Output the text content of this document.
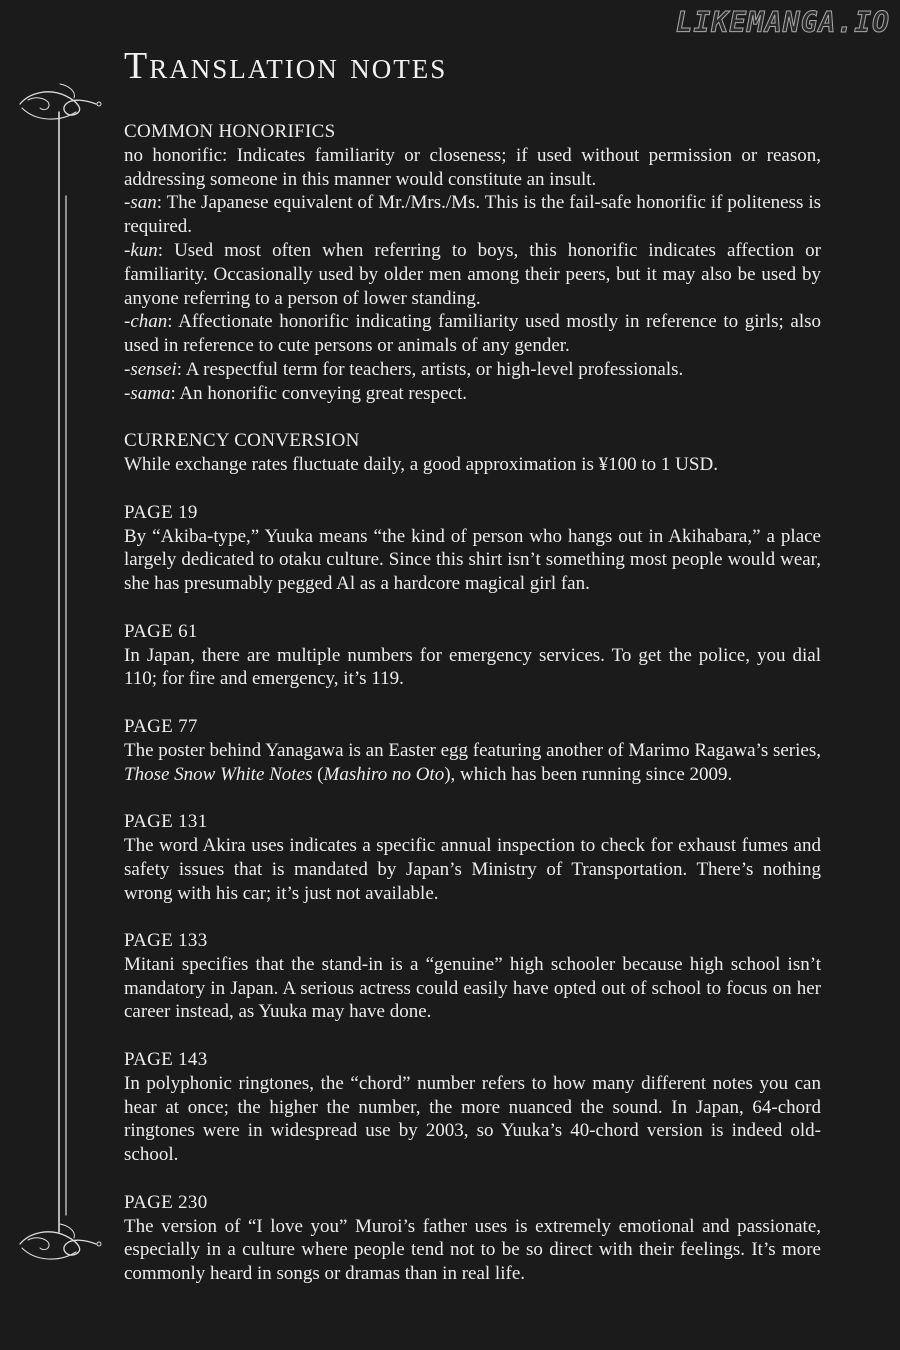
LIKEMANGA.IO
Translation notes
COMMON HONORIFICS

no honorific: Indicates familiarity or closeness; if used without permission or reason, addressing someone in this manner would constitute an insult.

-san: The Japanese equivalent of Mr./Mrs./Ms. This is the fail-safe honorific if politeness is required.

-kun: Used most often when referring to boys, this honorific indicates affection or familiarity. Occasionally used by older men among their peers, but it may also be used by anyone referring to a person of lower standing.

-chan: Affectionate honorific indicating familiarity used mostly in reference to girls; also used in reference to cute persons or animals of any gender.

-sensei: A respectful term for teachers, artists, or high-level professionals.

-sama: An honorific conveying great respect.

CURRENCY CONVERSION

While exchange rates fluctuate daily, a good approximation is ¥100 to 1 USD.

PAGE 19

By “Akiba-type,” Yuuka means “the kind of person who hangs out in Akihabara,” a place largely dedicated to otaku culture. Since this shirt isn’t something most people would wear, she has presumably pegged Al as a hardcore magical girl fan.

PAGE 61

In Japan, there are multiple numbers for emergency services. To get the police, you dial 110; for fire and emergency, it’s 119.

PAGE 77

The poster behind Yanagawa is an Easter egg featuring another of Marimo Ragawa’s series, Those Snow White Notes (Mashiro no Oto), which has been running since 2009.

PAGE 131

The word Akira uses indicates a specific annual inspection to check for exhaust fumes and safety issues that is mandated by Japan’s Ministry of Transportation. There’s nothing wrong with his car; it’s just not available.

PAGE 133

Mitani specifies that the stand-in is a “genuine” high schooler because high school isn’t mandatory in Japan. A serious actress could easily have opted out of school to focus on her career instead, as Yuuka may have done.

PAGE 143

In polyphonic ringtones, the “chord” number refers to how many different notes you can hear at once; the higher the number, the more nuanced the sound. In Japan, 64-chord ringtones were in widespread use by 2003, so Yuuka’s 40-chord version is indeed old-school.

PAGE 230

The version of “I love you” Muroi’s father uses is extremely emotional and passionate, especially in a culture where people tend not to be so direct with their feelings. It’s more commonly heard in songs or dramas than in real life.
